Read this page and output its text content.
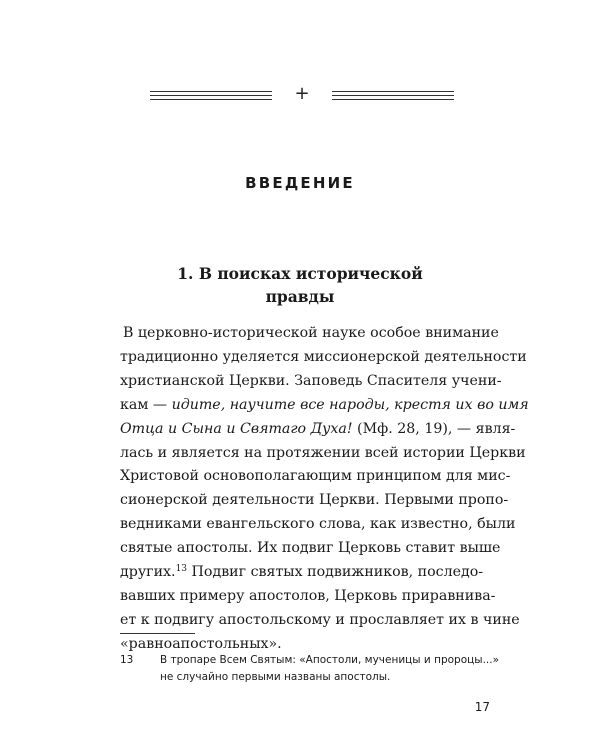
+
ВВЕДЕНИЕ
1. В поисках исторической
правды
В церковно-исторической науке особое внимание
традиционно уделяется миссионерской деятельности
христианской Церкви. Заповедь Спасителя учени-
кам — идите, научите все народы, крестя их во имя
Отца и Сына и Святаго Духа! (Мф. 28, 19), — явля-
лась и является на протяжении всей истории Церкви
Христовой основополагающим принципом для мис-
сионерской деятельности Церкви. Первыми пропо-
ведниками евангельского слова, как известно, были
святые апостолы. Их подвиг Церковь ставит выше
других.$^{13}$ Подвиг святых подвижников, последо-
вавших примеру апостолов, Церковь приравнива-
ет к подвигу апостольскому и прославляет их в чине
«равноапостольных».
13	В тропаре Всем Святым: «Апостоли, мученицы и пророцы...»
не случайно первыми названы апостолы.
17
